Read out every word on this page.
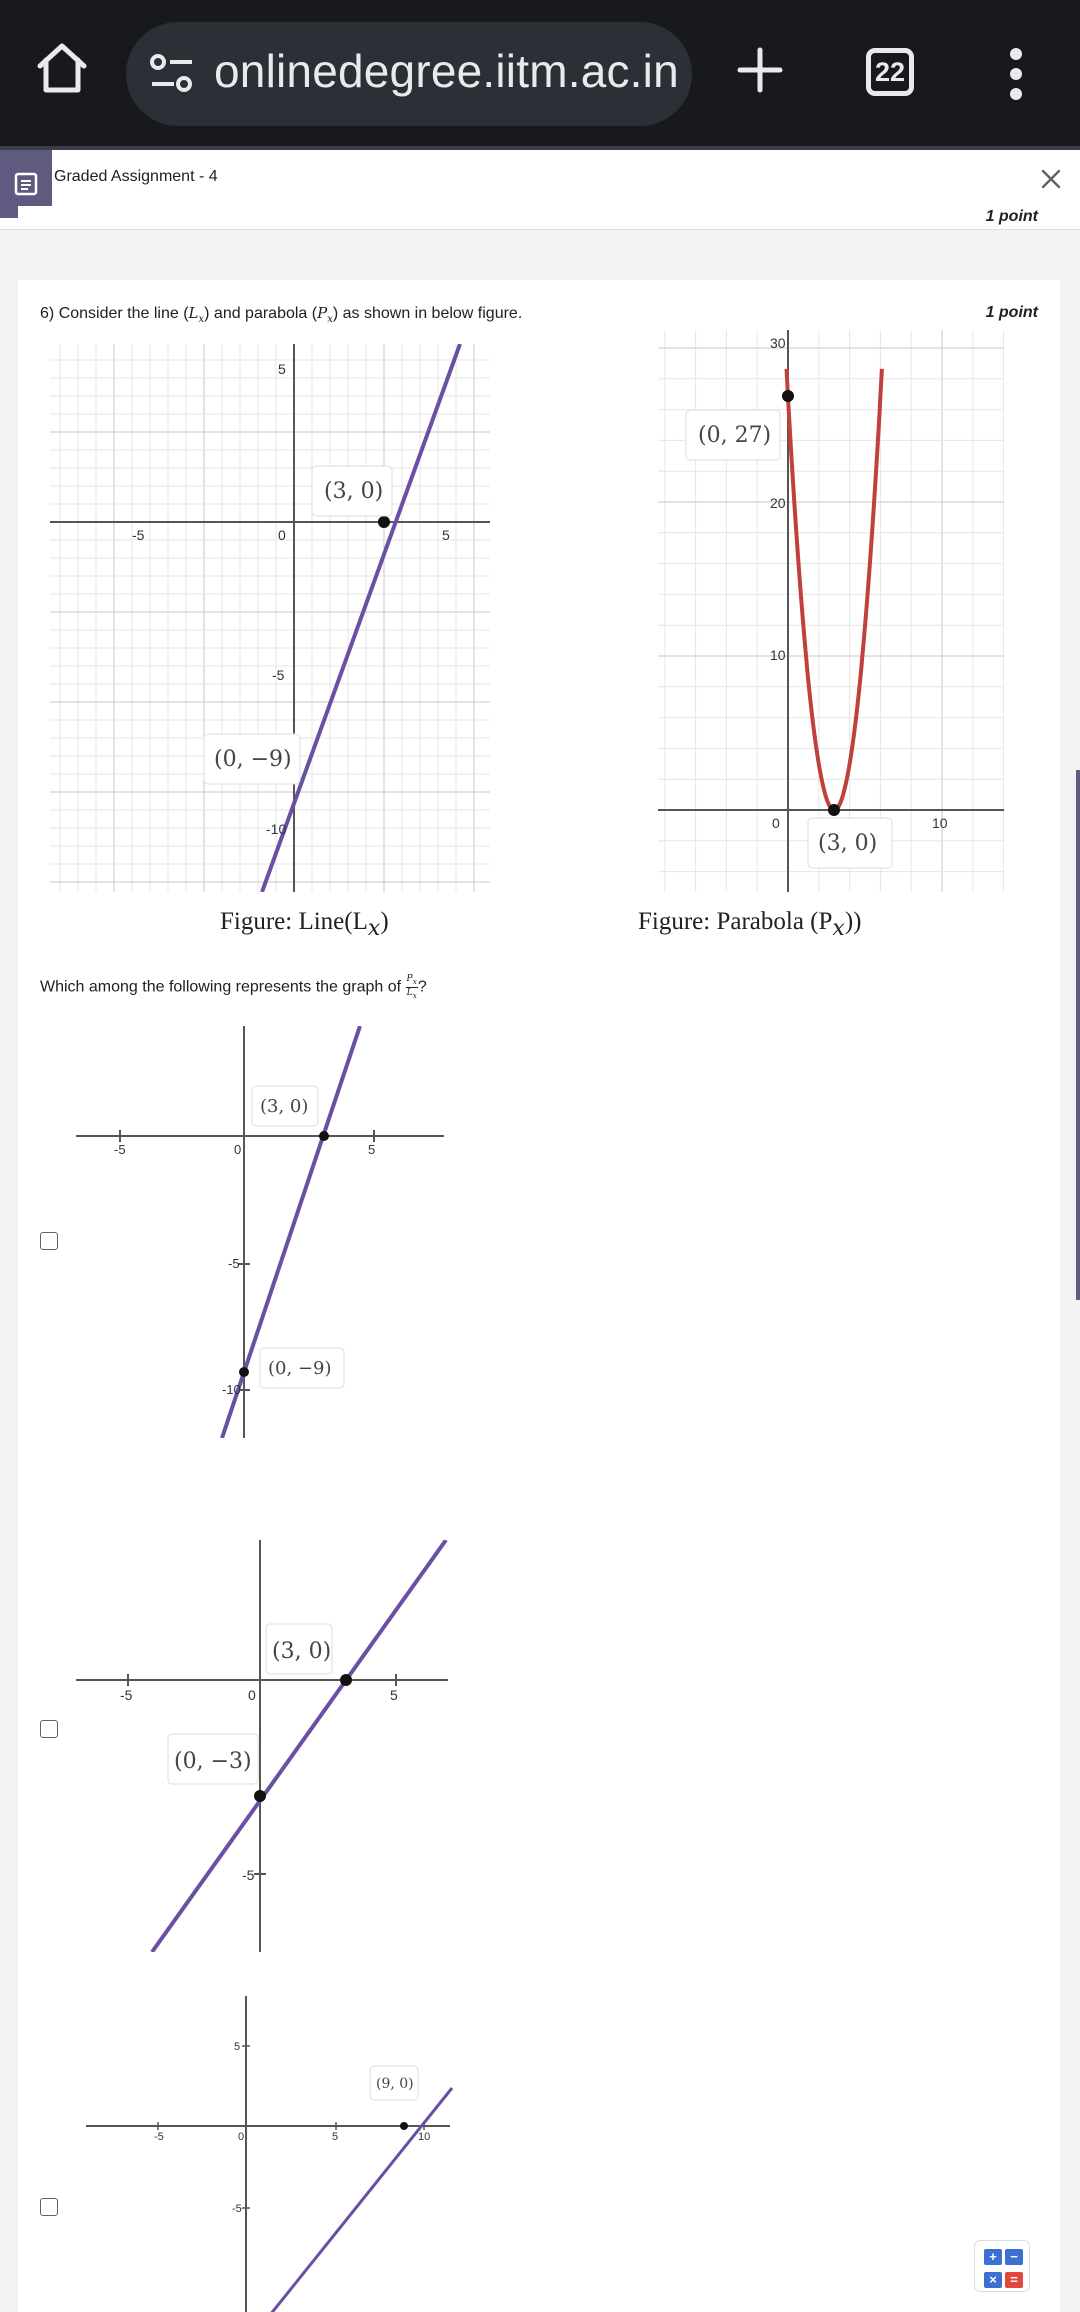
onlinedegree.iitm.ac.in	22
Graded Assignment - 4
1 point
6) Consider the line $(L_x)$ and parabola $(P_x)$ as shown in below figure.	1 point
-5	0	5
5
-5
-10
(3, 0)
(0, −9)
Figure: $Line(L_x)$
30
20
10
0	10
(0, 27)
(3, 0)
Figure: Parabola $(P_x)$)
Which among the following represents the graph of $\frac{P_x}{L_x}$ ?
-5	0	5
-5
-10
(3, 0)
(0, −9)
-5	0	5
-5
(3, 0)
(0, −3)
-5	0	5	10
5
-5
(9, 0)
+	−
×	=
